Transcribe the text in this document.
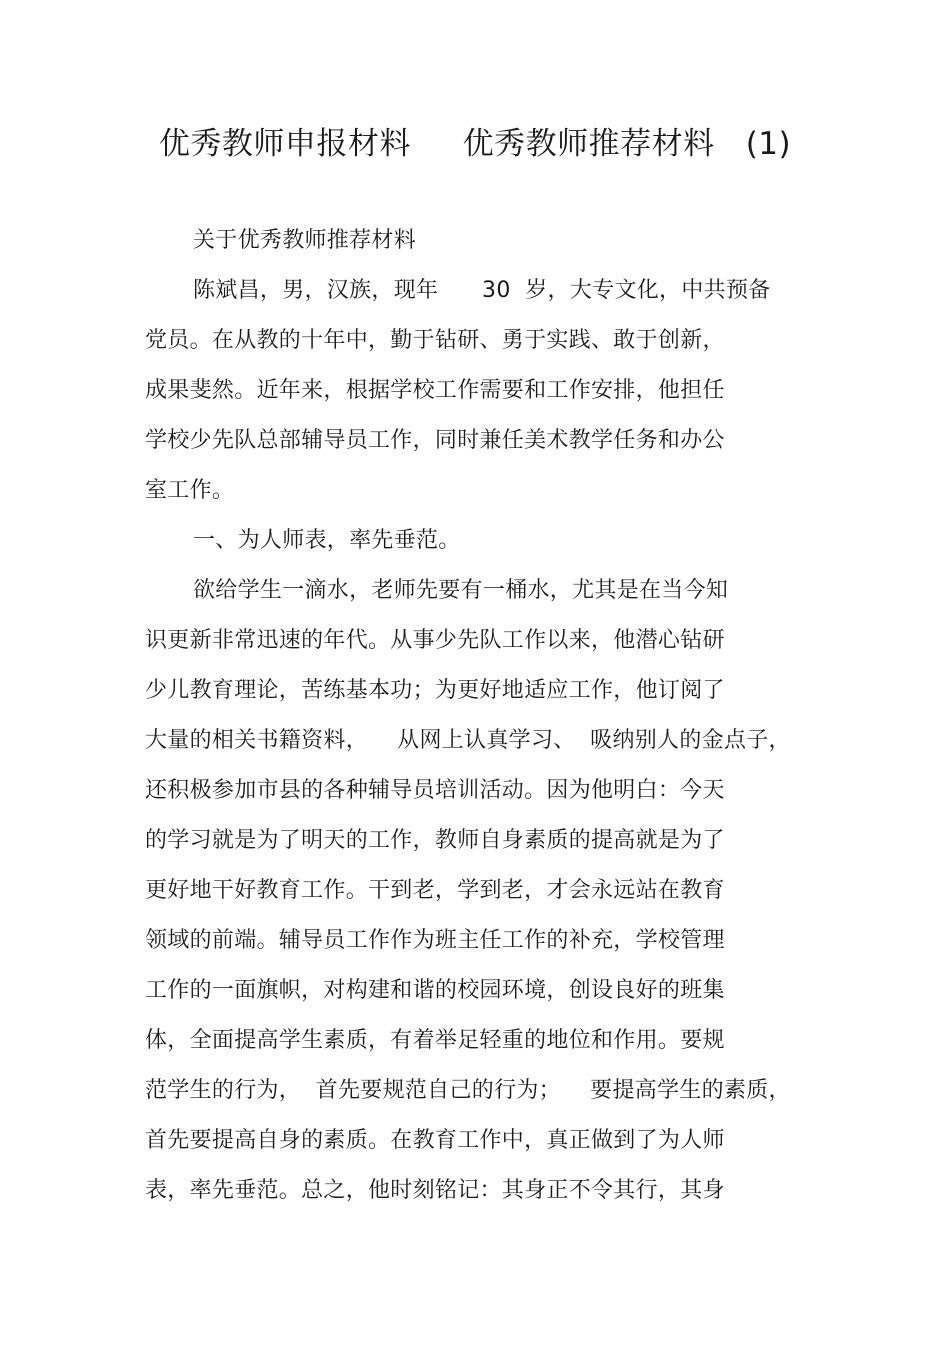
优秀教师申报材料     优秀教师推荐材料   (1)
关于优秀教师推荐材料
陈斌昌，男，汉族，现年      30  岁，大专文化，中共预备
党员。在从教的十年中，勤于钻研、勇于实践、敢于创新，
成果斐然。近年来，根据学校工作需要和工作安排，他担任
学校少先队总部辅导员工作，同时兼任美术教学任务和办公
室工作。
一、为人师表，率先垂范。
欲给学生一滴水，老师先要有一桶水，尤其是在当今知
识更新非常迅速的年代。从事少先队工作以来，他潜心钻研
少儿教育理论，苦练基本功；为更好地适应工作，他订阅了
大量的相关书籍资料，    从网上认真学习、  吸纳别人的金点子，
还积极参加市县的各种辅导员培训活动。因为他明白：今天
的学习就是为了明天的工作，教师自身素质的提高就是为了
更好地干好教育工作。干到老，学到老，才会永远站在教育
领域的前端。辅导员工作作为班主任工作的补充，学校管理
工作的一面旗帜，对构建和谐的校园环境，创设良好的班集
体，全面提高学生素质，有着举足轻重的地位和作用。要规
范学生的行为，  首先要规范自己的行为；    要提高学生的素质，
首先要提高自身的素质。在教育工作中，真正做到了为人师
表，率先垂范。总之，他时刻铭记：其身正不令其行，其身
